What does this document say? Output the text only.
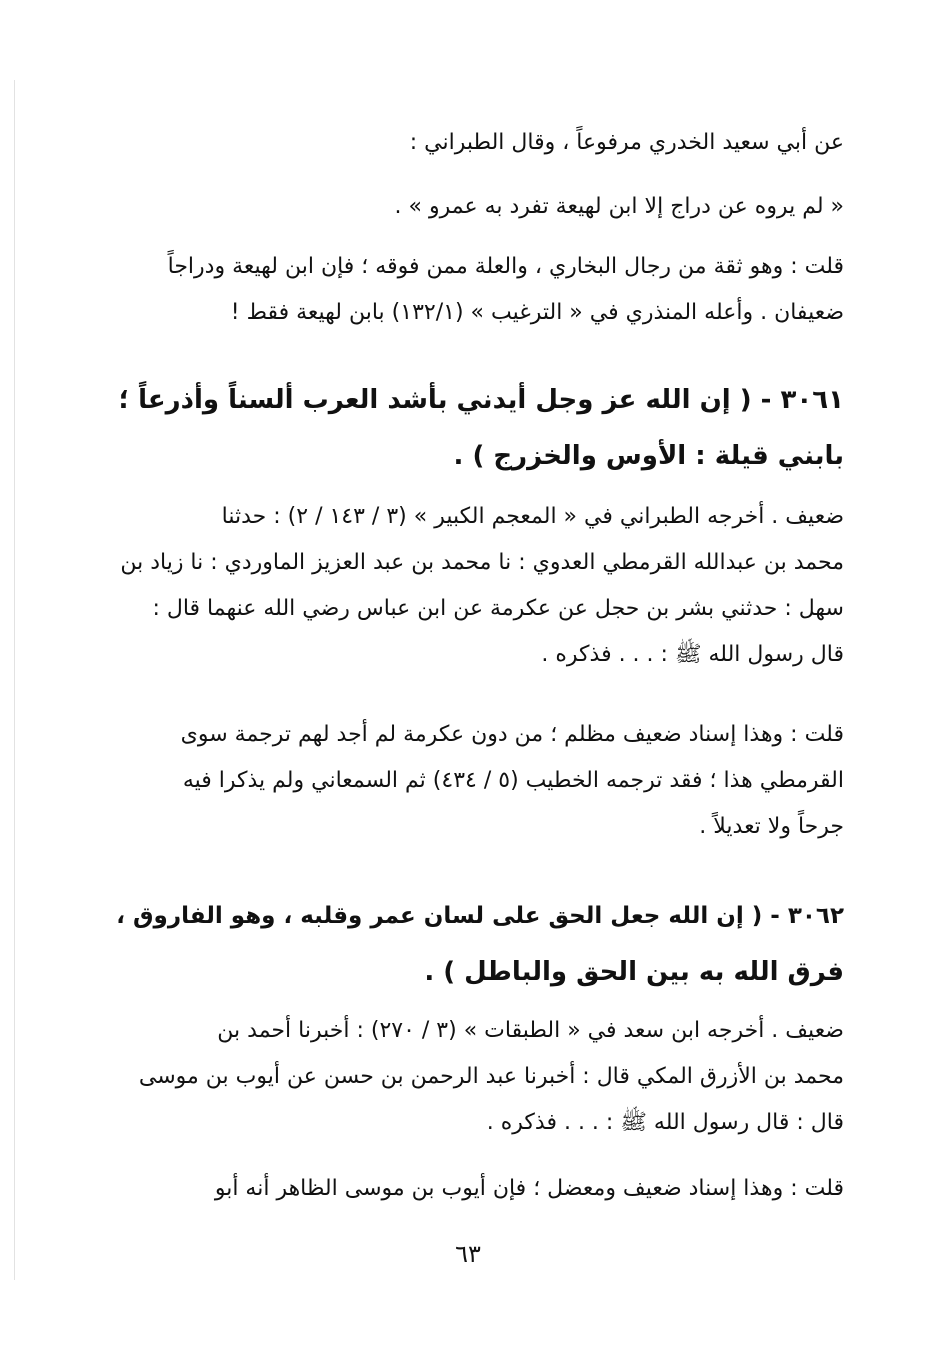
عن أبي سعيد الخدري مرفوعاً ، وقال الطبراني :
« لم يروه عن دراج إلا ابن لهيعة تفرد به عمرو » .
قلت : وهو ثقة من رجال البخاري ، والعلة ممن فوقه ؛ فإن ابن لهيعة ودراجاً
ضعيفان . وأعله المنذري في « الترغيب » (١٣٢/١) بابن لهيعة فقط !
٣٠٦١ - ( إن الله عز وجل أيدني بأشد العرب ألسناً وأذرعاً ؛
بابني قيلة : الأوس والخزرج ) .
ضعيف . أخرجه الطبراني في « المعجم الكبير » (٣ / ١٤٣ / ٢) : حدثنا
محمد بن عبدالله القرمطي العدوي : نا محمد بن عبد العزيز الماوردي : نا زياد بن
سهل : حدثني بشر بن حجل عن عكرمة عن ابن عباس رضي الله عنهما قال :
قال رسول الله ﷺ : . . . فذكره .
قلت : وهذا إسناد ضعيف مظلم ؛ من دون عكرمة لم أجد لهم ترجمة سوى
القرمطي هذا ؛ فقد ترجمه الخطيب (٥ / ٤٣٤) ثم السمعاني ولم يذكرا فيه
جرحاً ولا تعديلاً .
٣٠٦٢ - ( إن الله جعل الحق على لسان عمر وقلبه ، وهو الفاروق ،
فرق الله به بين الحق والباطل ) .
ضعيف . أخرجه ابن سعد في « الطبقات » (٣ / ٢٧٠) : أخبرنا أحمد بن
محمد بن الأزرق المكي قال : أخبرنا عبد الرحمن بن حسن عن أيوب بن موسى
قال : قال رسول الله ﷺ : . . . فذكره .
قلت : وهذا إسناد ضعيف ومعضل ؛ فإن أيوب بن موسى الظاهر أنه أبو
٦٣
